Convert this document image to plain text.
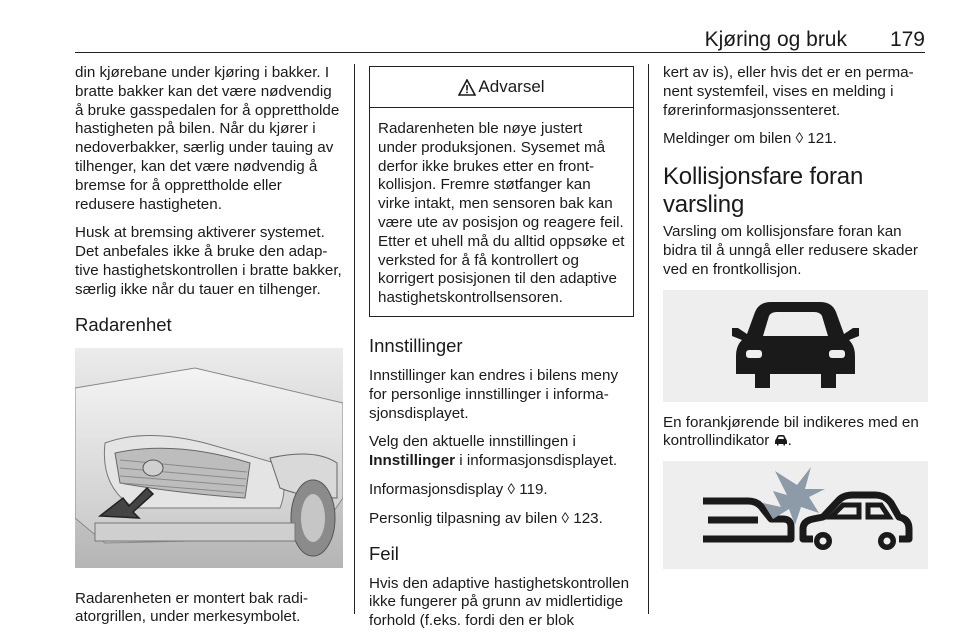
Kjøring og bruk 179

din kjørebane under kjøring i bakker. I bratte bakker kan det være nødvendig å bruke gasspedalen for å opprettholde hastigheten på bilen. Når du kjører i nedoverbakker, særlig under tauing av tilhenger, kan det være nødvendig å bremse for å opprettholde eller redusere hastigheten.

Husk at bremsing aktiverer systemet. Det anbefales ikke å bruke den adaptive hastighetskontrollen i bratte bakker, særlig ikke når du tauer en tilhenger.

Radarenhet

Radarenheten er montert bak radiatorgrillen, under merkesymbolet.

Advarsel

Radarenheten ble nøye justert under produksjonen. Sysemet må derfor ikke brukes etter en frontkollisjon. Fremre støtfanger kan virke intakt, men sensoren bak kan være ute av posisjon og reagere feil. Etter et uhell må du alltid oppsøke et verksted for å få kontrollert og korrigert posisjonen til den adaptive hastighetskontrollsensoren.

Innstillinger

Innstillinger kan endres i bilens meny for personlige innstillinger i informasjonsdisplayet.

Velg den aktuelle innstillingen i Innstillinger i informasjonsdisplayet.

Informasjonsdisplay ◊ 119.

Personlig tilpasning av bilen ◊ 123.

Feil

Hvis den adaptive hastighetskontrollen ikke fungerer på grunn av midlertidige forhold (f.eks. fordi den er blok

kert av is), eller hvis det er en permanent systemfeil, vises en melding i førerinformasjonssenteret.

Meldinger om bilen ◊ 121.

Kollisjonsfare foran varsling

Varsling om kollisjonsfare foran kan bidra til å unngå eller redusere skader ved en frontkollisjon.

En forankjørende bil indikeres med en kontrollindikator .
